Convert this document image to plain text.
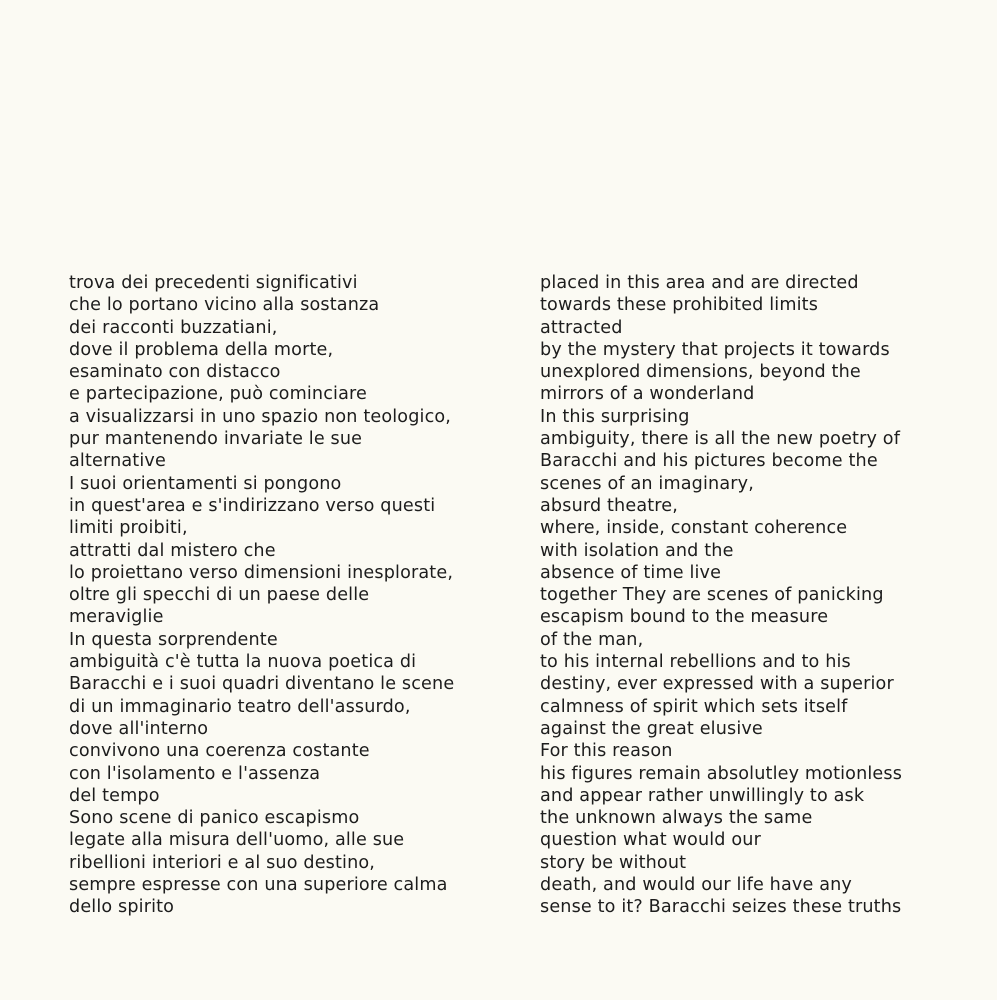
trova dei precedenti significativi
che lo portano vicino alla sostanza
dei racconti buzzatiani,
dove il problema della morte,
esaminato con distacco
e partecipazione, può cominciare
a visualizzarsi in uno spazio non teologico,
pur mantenendo invariate le sue
alternative
I suoi orientamenti si pongono
in quest'area e s'indirizzano verso questi
limiti proibiti,
attratti dal mistero che
lo proiettano verso dimensioni inesplorate,
oltre gli specchi di un paese delle
meraviglie
In questa sorprendente
ambiguità c'è tutta la nuova poetica di
Baracchi e i suoi quadri diventano le scene
di un immaginario teatro dell'assurdo,
dove all'interno
convivono una coerenza costante
con l'isolamento e l'assenza
del tempo
Sono scene di panico escapismo
legate alla misura dell'uomo, alle sue
ribellioni interiori e al suo destino,
sempre espresse con una superiore calma
dello spirito
placed in this area and are directed
towards these prohibited limits
attracted
by the mystery that projects it towards
unexplored dimensions, beyond the
mirrors of a wonderland
In this surprising
ambiguity, there is all the new poetry of
Baracchi and his pictures become the
scenes of an imaginary,
absurd theatre,
where, inside, constant coherence
with isolation and the
absence of time live
together They are scenes of panicking
escapism bound to the measure
of the man,
to his internal rebellions and to his
destiny, ever expressed with a superior
calmness of spirit which sets itself
against the great elusive
For this reason
his figures remain absolutley motionless
and appear rather unwillingly to ask
the unknown always the same
question what would our
story be without
death, and would our life have any
sense to it? Baracchi seizes these truths
